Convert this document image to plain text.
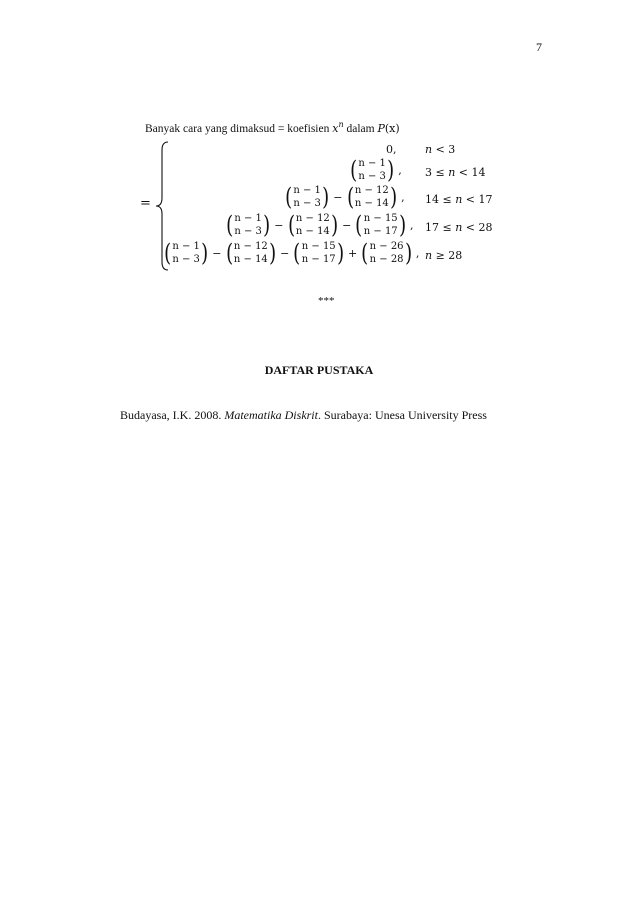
7
Banyak cara yang dimaksud = koefisien $x^n$ dalam P(x)
=
0,	n < 3
(n − 1
n − 3) , 3 ≤ n < 14
(n − 1
n − 3) − (n − 12
n − 14) , 14 ≤ n < 17
(n − 1
n − 3) − (n − 12
n − 14) − (n − 15
n − 17) , 17 ≤ n < 28
(n − 1
n − 3) − (n − 12
n − 14) − (n − 15
n − 17) + (n − 26
n − 28) , n ≥ 28
***
DAFTAR PUSTAKA
Budayasa, I.K. 2008. Matematika Diskrit. Surabaya: Unesa University Press
